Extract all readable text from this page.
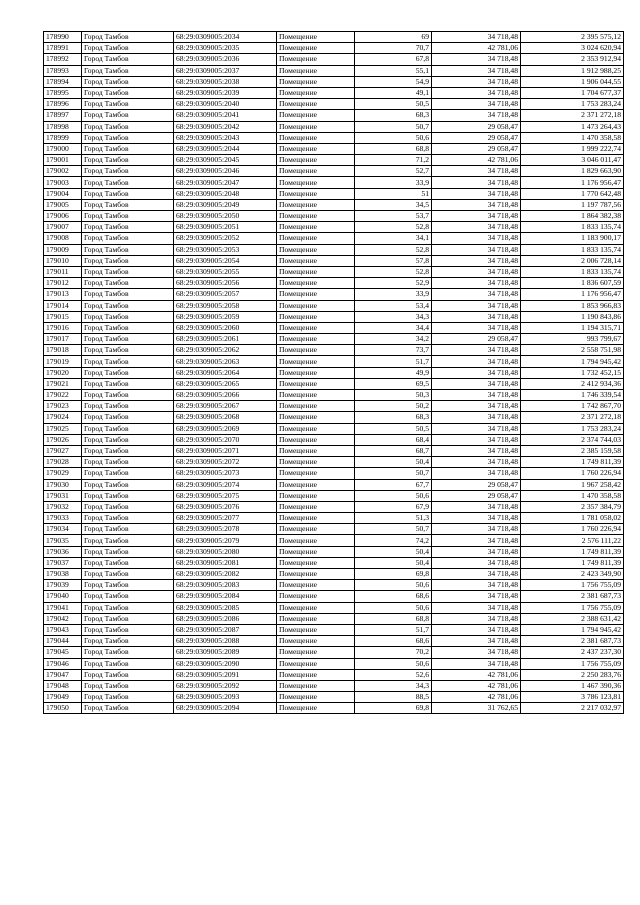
178990	Город Тамбов	68:29:0309005:2034	Помещение	69	34 718,48	2 395 575,12
178991	Город Тамбов	68:29:0309005:2035	Помещение	70,7	42 781,06	3 024 620,94
178992	Город Тамбов	68:29:0309005:2036	Помещение	67,8	34 718,48	2 353 912,94
178993	Город Тамбов	68:29:0309005:2037	Помещение	55,1	34 718,48	1 912 988,25
178994	Город Тамбов	68:29:0309005:2038	Помещение	54,9	34 718,48	1 906 044,55
178995	Город Тамбов	68:29:0309005:2039	Помещение	49,1	34 718,48	1 704 677,37
178996	Город Тамбов	68:29:0309005:2040	Помещение	50,5	34 718,48	1 753 283,24
178997	Город Тамбов	68:29:0309005:2041	Помещение	68,3	34 718,48	2 371 272,18
178998	Город Тамбов	68:29:0309005:2042	Помещение	50,7	29 058,47	1 473 264,43
178999	Город Тамбов	68:29:0309005:2043	Помещение	50,6	29 058,47	1 470 358,58
179000	Город Тамбов	68:29:0309005:2044	Помещение	68,8	29 058,47	1 999 222,74
179001	Город Тамбов	68:29:0309005:2045	Помещение	71,2	42 781,06	3 046 011,47
179002	Город Тамбов	68:29:0309005:2046	Помещение	52,7	34 718,48	1 829 663,90
179003	Город Тамбов	68:29:0309005:2047	Помещение	33,9	34 718,48	1 176 956,47
179004	Город Тамбов	68:29:0309005:2048	Помещение	51	34 718,48	1 770 642,48
179005	Город Тамбов	68:29:0309005:2049	Помещение	34,5	34 718,48	1 197 787,56
179006	Город Тамбов	68:29:0309005:2050	Помещение	53,7	34 718,48	1 864 382,38
179007	Город Тамбов	68:29:0309005:2051	Помещение	52,8	34 718,48	1 833 135,74
179008	Город Тамбов	68:29:0309005:2052	Помещение	34,1	34 718,48	1 183 900,17
179009	Город Тамбов	68:29:0309005:2053	Помещение	52,8	34 718,48	1 833 135,74
179010	Город Тамбов	68:29:0309005:2054	Помещение	57,8	34 718,48	2 006 728,14
179011	Город Тамбов	68:29:0309005:2055	Помещение	52,8	34 718,48	1 833 135,74
179012	Город Тамбов	68:29:0309005:2056	Помещение	52,9	34 718,48	1 836 607,59
179013	Город Тамбов	68:29:0309005:2057	Помещение	33,9	34 718,48	1 176 956,47
179014	Город Тамбов	68:29:0309005:2058	Помещение	53,4	34 718,48	1 853 966,83
179015	Город Тамбов	68:29:0309005:2059	Помещение	34,3	34 718,48	1 190 843,86
179016	Город Тамбов	68:29:0309005:2060	Помещение	34,4	34 718,48	1 194 315,71
179017	Город Тамбов	68:29:0309005:2061	Помещение	34,2	29 058,47	993 799,67
179018	Город Тамбов	68:29:0309005:2062	Помещение	73,7	34 718,48	2 558 751,98
179019	Город Тамбов	68:29:0309005:2063	Помещение	51,7	34 718,48	1 794 945,42
179020	Город Тамбов	68:29:0309005:2064	Помещение	49,9	34 718,48	1 732 452,15
179021	Город Тамбов	68:29:0309005:2065	Помещение	69,5	34 718,48	2 412 934,36
179022	Город Тамбов	68:29:0309005:2066	Помещение	50,3	34 718,48	1 746 339,54
179023	Город Тамбов	68:29:0309005:2067	Помещение	50,2	34 718,48	1 742 867,70
179024	Город Тамбов	68:29:0309005:2068	Помещение	68,3	34 718,48	2 371 272,18
179025	Город Тамбов	68:29:0309005:2069	Помещение	50,5	34 718,48	1 753 283,24
179026	Город Тамбов	68:29:0309005:2070	Помещение	68,4	34 718,48	2 374 744,03
179027	Город Тамбов	68:29:0309005:2071	Помещение	68,7	34 718,48	2 385 159,58
179028	Город Тамбов	68:29:0309005:2072	Помещение	50,4	34 718,48	1 749 811,39
179029	Город Тамбов	68:29:0309005:2073	Помещение	50,7	34 718,48	1 760 226,94
179030	Город Тамбов	68:29:0309005:2074	Помещение	67,7	29 058,47	1 967 258,42
179031	Город Тамбов	68:29:0309005:2075	Помещение	50,6	29 058,47	1 470 358,58
179032	Город Тамбов	68:29:0309005:2076	Помещение	67,9	34 718,48	2 357 384,79
179033	Город Тамбов	68:29:0309005:2077	Помещение	51,3	34 718,48	1 781 058,02
179034	Город Тамбов	68:29:0309005:2078	Помещение	50,7	34 718,48	1 760 226,94
179035	Город Тамбов	68:29:0309005:2079	Помещение	74,2	34 718,48	2 576 111,22
179036	Город Тамбов	68:29:0309005:2080	Помещение	50,4	34 718,48	1 749 811,39
179037	Город Тамбов	68:29:0309005:2081	Помещение	50,4	34 718,48	1 749 811,39
179038	Город Тамбов	68:29:0309005:2082	Помещение	69,8	34 718,48	2 423 349,90
179039	Город Тамбов	68:29:0309005:2083	Помещение	50,6	34 718,48	1 756 755,09
179040	Город Тамбов	68:29:0309005:2084	Помещение	68,6	34 718,48	2 381 687,73
179041	Город Тамбов	68:29:0309005:2085	Помещение	50,6	34 718,48	1 756 755,09
179042	Город Тамбов	68:29:0309005:2086	Помещение	68,8	34 718,48	2 388 631,42
179043	Город Тамбов	68:29:0309005:2087	Помещение	51,7	34 718,48	1 794 945,42
179044	Город Тамбов	68:29:0309005:2088	Помещение	68,6	34 718,48	2 381 687,73
179045	Город Тамбов	68:29:0309005:2089	Помещение	70,2	34 718,48	2 437 237,30
179046	Город Тамбов	68:29:0309005:2090	Помещение	50,6	34 718,48	1 756 755,09
179047	Город Тамбов	68:29:0309005:2091	Помещение	52,6	42 781,06	2 250 283,76
179048	Город Тамбов	68:29:0309005:2092	Помещение	34,3	42 781,06	1 467 390,36
179049	Город Тамбов	68:29:0309005:2093	Помещение	88,5	42 781,06	3 786 123,81
179050	Город Тамбов	68:29:0309005:2094	Помещение	69,8	31 762,65	2 217 032,97
